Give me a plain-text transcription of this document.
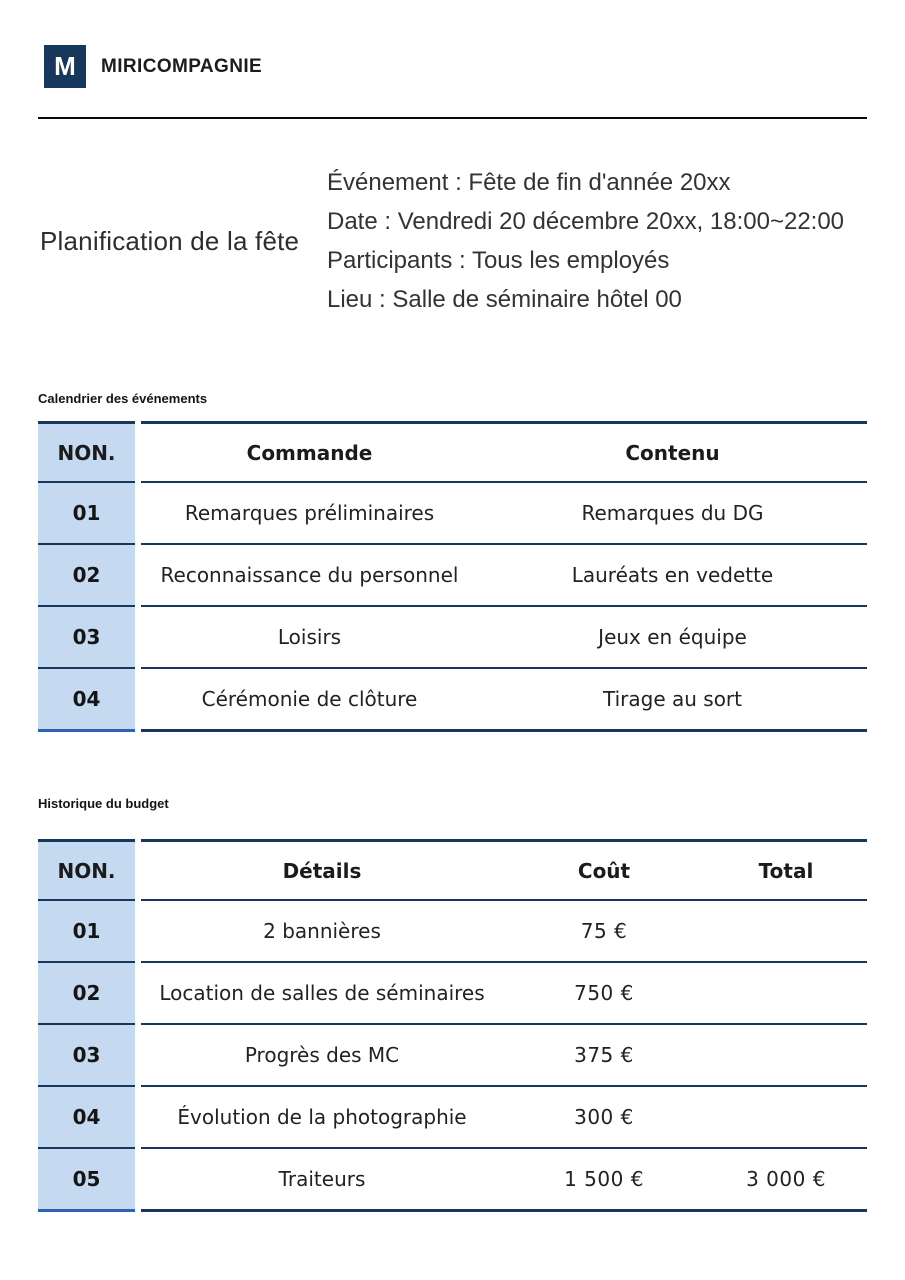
M MIRICOMPAGNIE
Planification de la fête

Événement : Fête de fin d'année 20xx

Date : Vendredi 20 décembre 20xx, 18:00~22:00

Participants : Tous les employés

Lieu : Salle de séminaire hôtel 00

Calendrier des événements
NON.	Commande	Contenu
01	Remarques préliminaires	Remarques du DG
02	Reconnaissance du personnel	Lauréats en vedette
03	Loisirs	Jeux en équipe
04	Cérémonie de clôture	Tirage au sort
Historique du budget
NON.	Détails	Coût	Total
01	2 bannières	75 €	
02	Location de salles de séminaires	750 €	
03	Progrès des MC	375 €	
04	Évolution de la photographie	300 €	
05	Traiteurs	1 500 €	3 000 €
